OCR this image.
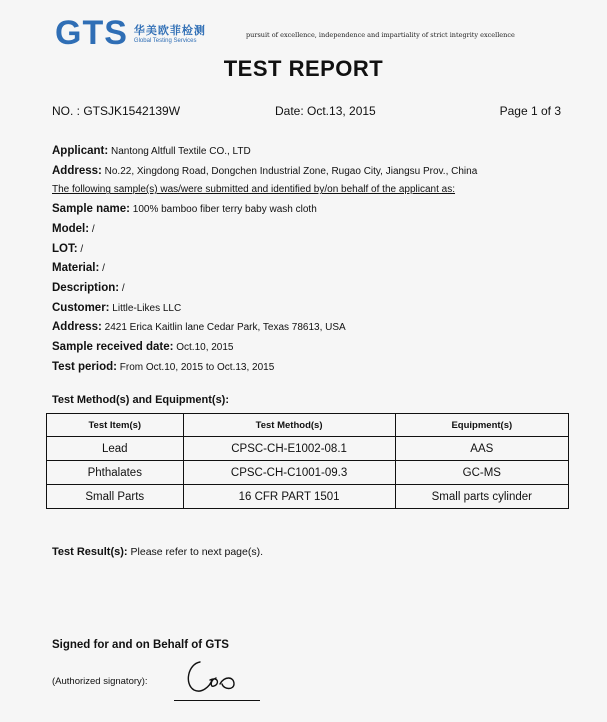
GTS 华美欧菲检测
Global Testing Services
pursuit of excellence, independence and impartiality of strict integrity excellence
TEST REPORT
NO. : GTSJK1542139W	Date: Oct.13, 2015	Page 1 of 3
Applicant: Nantong Altfull Textile CO., LTD
Address: No.22, Xingdong Road, Dongchen Industrial Zone, Rugao City, Jiangsu Prov., China
The following sample(s) was/were submitted and identified by/on behalf of the applicant as:
Sample name: 100% bamboo fiber terry baby wash cloth
Model: /
LOT: /
Material: /
Description: /
Customer: Little-Likes LLC
Address: 2421 Erica Kaitlin lane Cedar Park, Texas 78613, USA
Sample received date: Oct.10, 2015
Test period: From Oct.10, 2015 to Oct.13, 2015
Test Method(s) and Equipment(s):
Test Item(s)	Test Method(s)	Equipment(s)
Lead	CPSC-CH-E1002-08.1	AAS
Phthalates	CPSC-CH-C1001-09.3	GC-MS
Small Parts	16 CFR PART 1501	Small parts cylinder
Test Result(s): Please refer to next page(s).
Signed for and on Behalf of GTS
(Authorized signatory):
